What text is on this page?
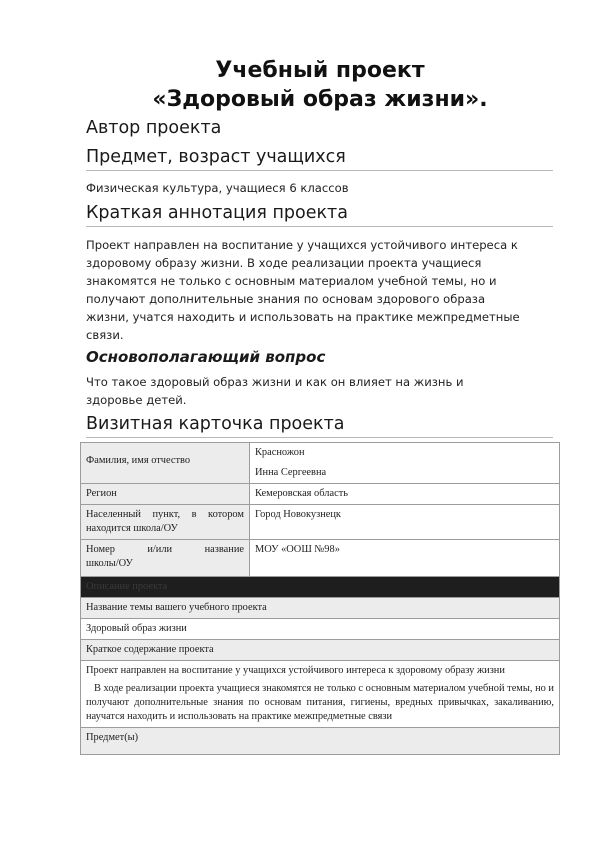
Учебный проект
«Здоровый образ жизни».
Автор проекта
Предмет, возраст учащихся
Физическая культура, учащиеся 6 классов
Краткая аннотация проекта
Проект направлен на воспитание у учащихся устойчивого интереса к
здоровому образу жизни. В ходе реализации проекта учащиеся
знакомятся не только с основным материалом учебной темы, но и
получают дополнительные знания по основам здорового образа
жизни, учатся находить и использовать на практике межпредметные
связи.
Основополагающий вопрос
Что такое здоровый образ жизни и как он влияет на жизнь и
здоровье детей.
Визитная карточка проекта
Фамилия, имя отчество	Красножон
Инна Сергеевна

Регион	Кемеровская область

Населенный пункт, в котором
находится школа/ОУ	Город Новокузнецк

Номер и/или название
школы/ОУ	МОУ «ООШ №98»
Описание проекта	
Название темы вашего учебного проекта	
Здоровый образ жизни	
Краткое содержание проекта	

Проект направлен на воспитание у учащихся устойчивого интереса к здоровому образу жизни
В ходе реализации проекта учащиеся знакомятся не только с основным материалом учебной темы, но и получают дополнительные знания по основам питания, гигиены, вредных привычках, закаливанию, научатся находить и использовать на практике межпредметные связи	

Предмет(ы)	
